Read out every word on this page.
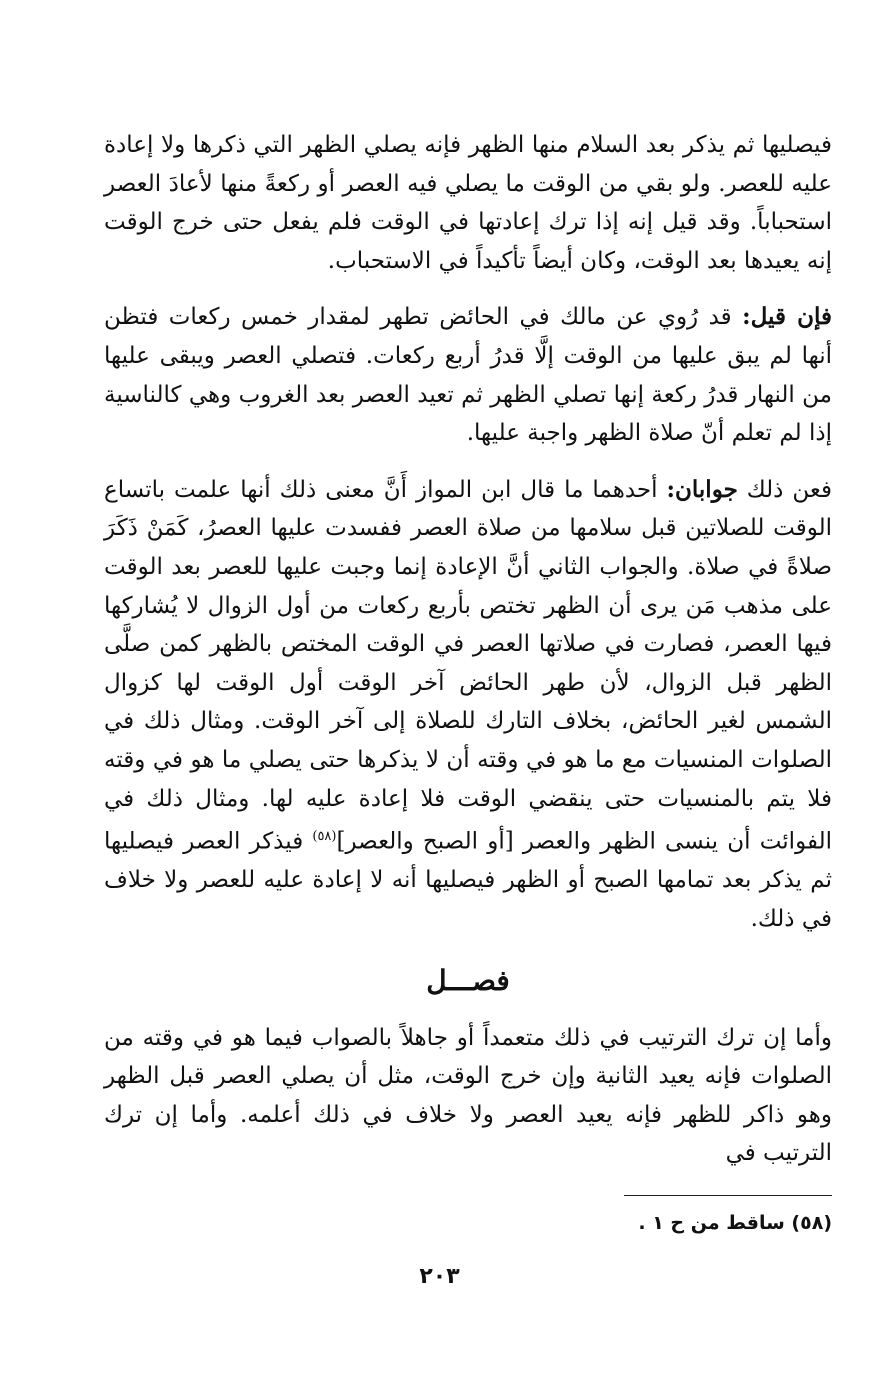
فيصليها ثم يذكر بعد السلام منها الظهر فإنه يصلي الظهر التي ذكرها ولا إعادة عليه للعصر. ولو بقي من الوقت ما يصلي فيه العصر أو ركعةً منها لأعادَ العصر استحباباً. وقد قيل إنه إذا ترك إعادتها في الوقت فلم يفعل حتى خرج الوقت إنه يعيدها بعد الوقت، وكان أيضاً تأكيداً في الاستحباب.

فإن قيل: قد رُوي عن مالك في الحائض تطهر لمقدار خمس ركعات فتظن أنها لم يبق عليها من الوقت إلَّا قدرُ أربع ركعات. فتصلي العصر ويبقى عليها من النهار قدرُ ركعة إنها تصلي الظهر ثم تعيد العصر بعد الغروب وهي كالناسية إذا لم تعلم أنّ صلاة الظهر واجبة عليها.

فعن ذلك جوابان: أحدهما ما قال ابن المواز أَنَّ معنى ذلك أنها علمت باتساع الوقت للصلاتين قبل سلامها من صلاة العصر ففسدت عليها العصرُ، كَمَنْ ذَكَرَ صلاةً في صلاة. والجواب الثاني أنَّ الإعادة إنما وجبت عليها للعصر بعد الوقت على مذهب مَن يرى أن الظهر تختص بأربع ركعات من أول الزوال لا يُشاركها فيها العصر، فصارت في صلاتها العصر في الوقت المختص بالظهر كمن صلَّى الظهر قبل الزوال، لأن طهر الحائض آخر الوقت أول الوقت لها كزوال الشمس لغير الحائض، بخلاف التارك للصلاة إلى آخر الوقت. ومثال ذلك في الصلوات المنسيات مع ما هو في وقته أن لا يذكرها حتى يصلي ما هو في وقته فلا يتم بالمنسيات حتى ينقضي الوقت فلا إعادة عليه لها. ومثال ذلك في الفوائت أن ينسى الظهر والعصر [أو الصبح والعصر]$^{(٥٨)}$ فيذكر العصر فيصليها ثم يذكر بعد تمامها الصبح أو الظهر فيصليها أنه لا إعادة عليه للعصر ولا خلاف في ذلك.

فصـــل

وأما إن ترك الترتيب في ذلك متعمداً أو جاهلاً بالصواب فيما هو في وقته من الصلوات فإنه يعيد الثانية وإن خرج الوقت، مثل أن يصلي العصر قبل الظهر وهو ذاكر للظهر فإنه يعيد العصر ولا خلاف في ذلك أعلمه. وأما إن ترك الترتيب في

(٥٨) ساقط من ح ١ .
٢٠٣
